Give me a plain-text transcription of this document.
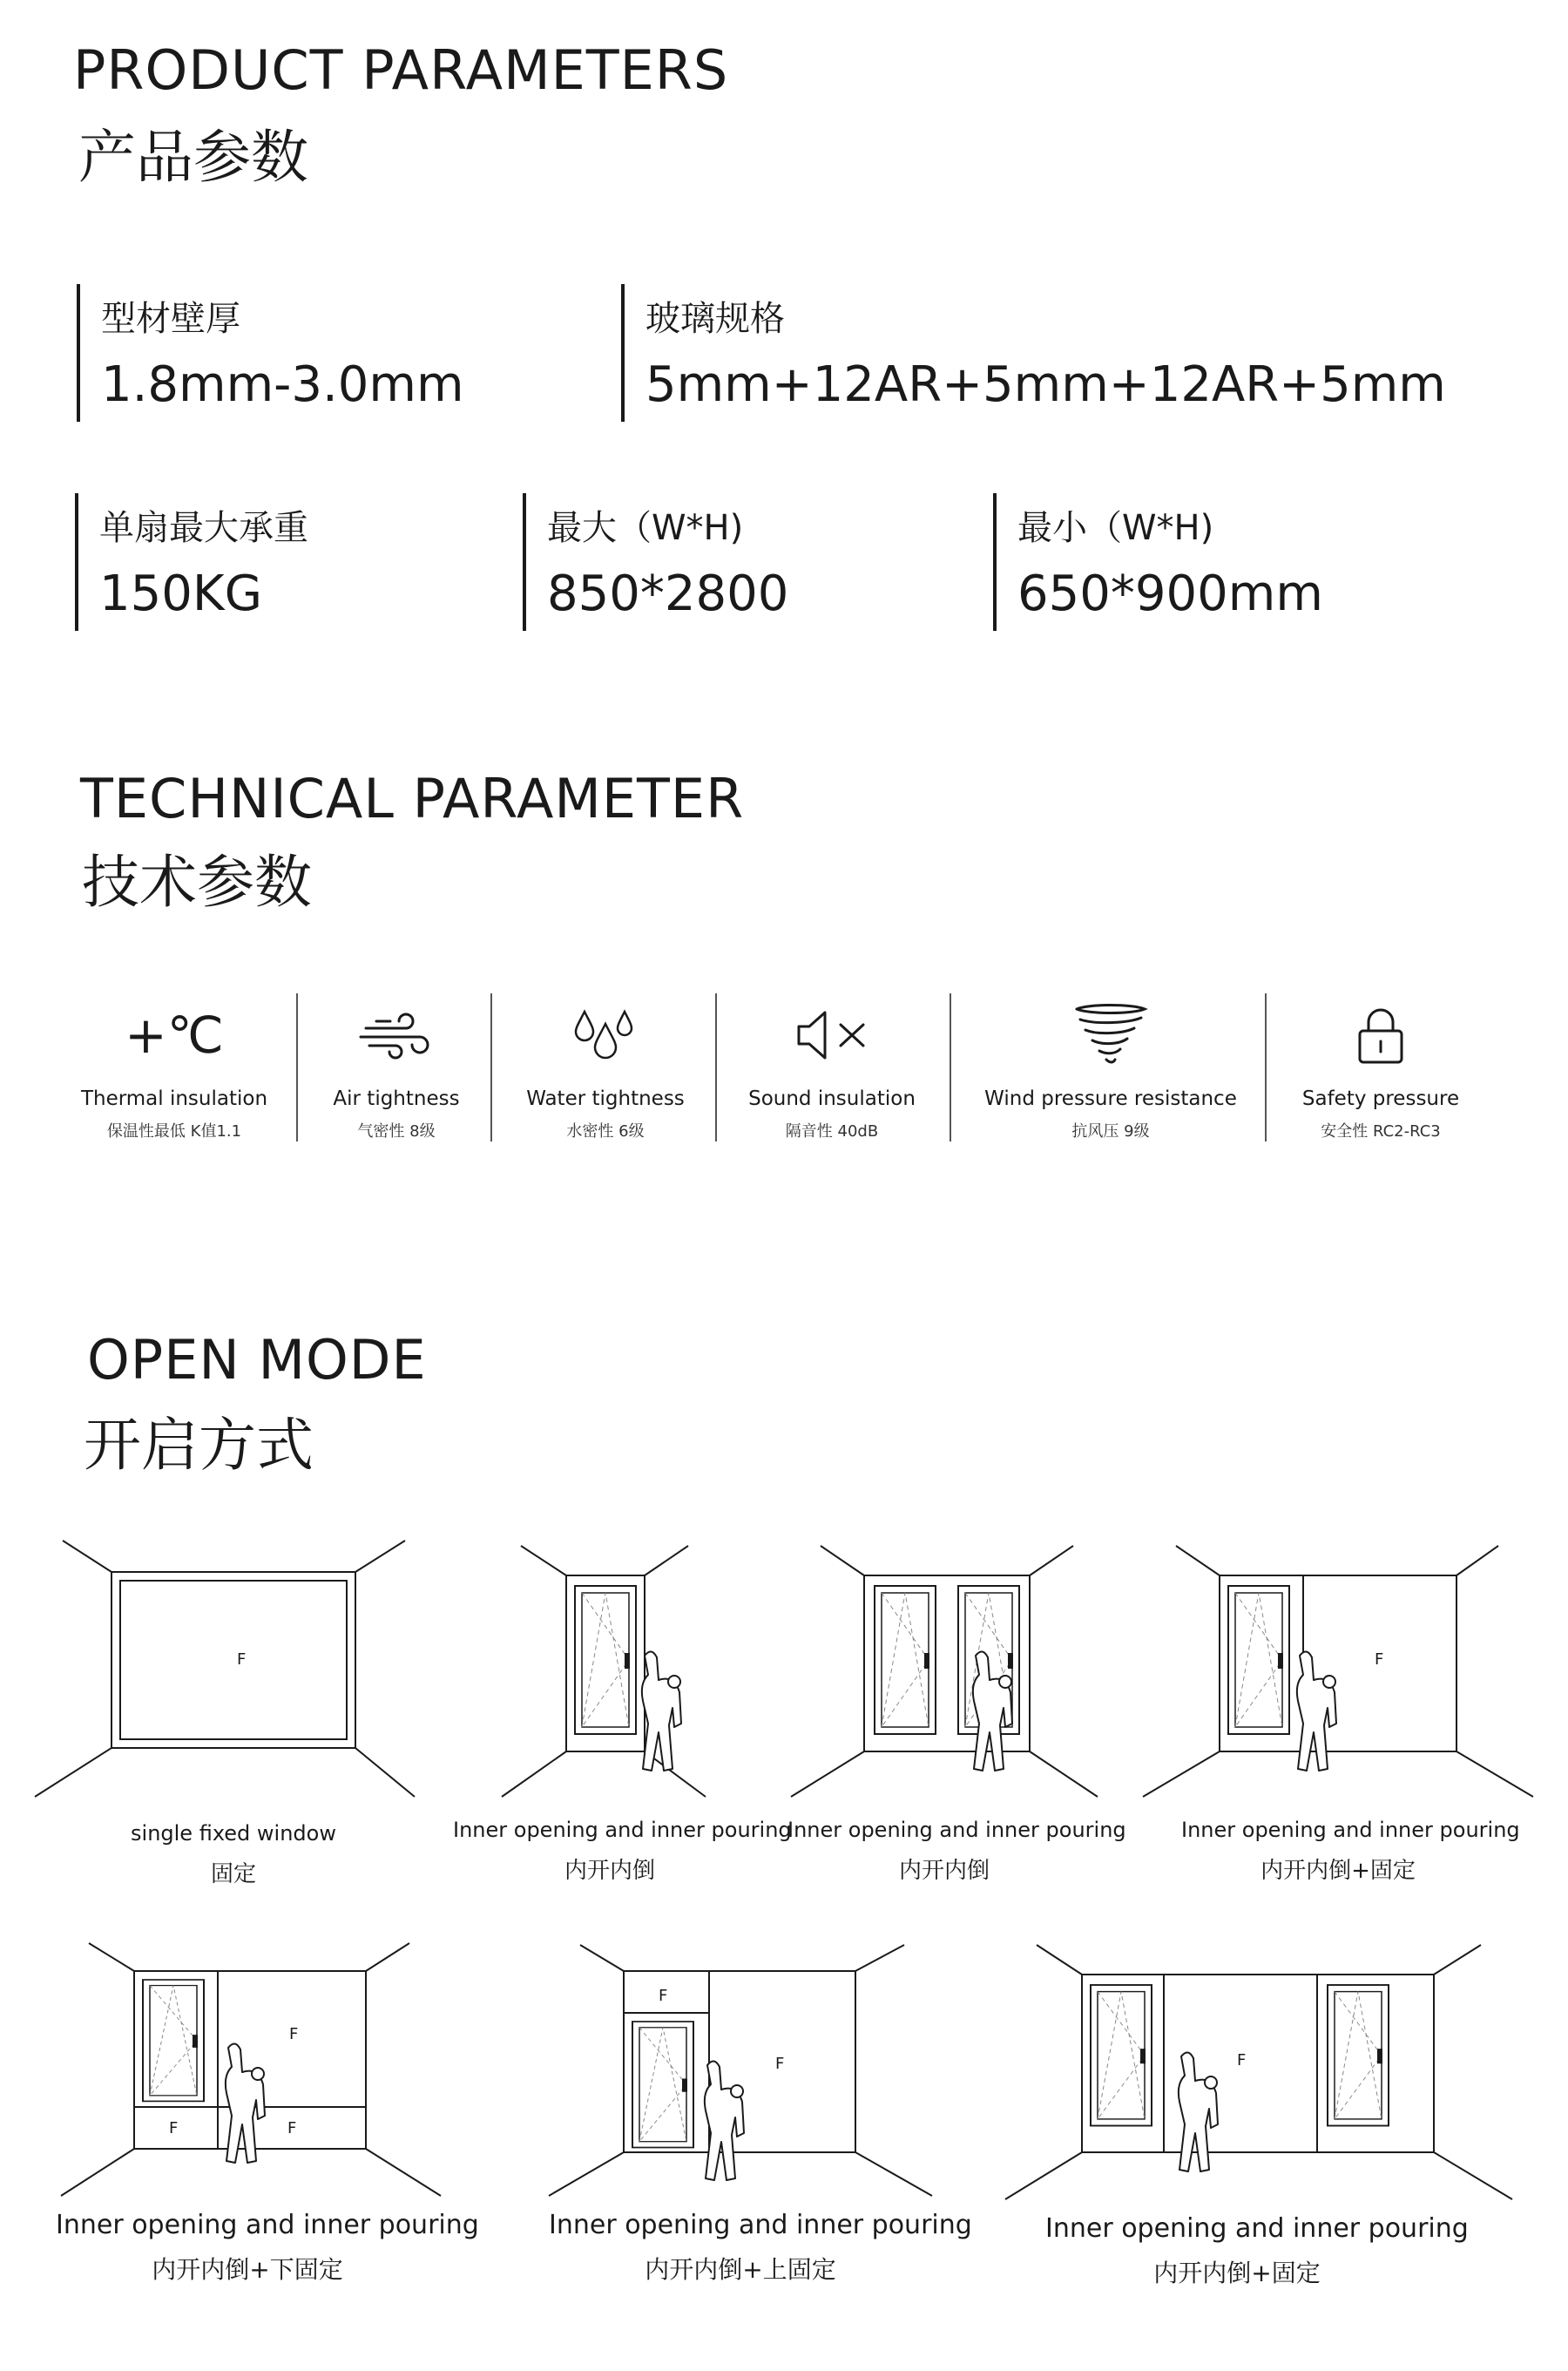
PRODUCT PARAMETERS
产品参数
型材壁厚
1.8mm-3.0mm
玻璃规格
5mm+12AR+5mm+12AR+5mm
单扇最大承重
150KG
最大（W*H)
850*2800
最小（W*H)
650*900mm
TECHNICAL PARAMETER
技术参数
+℃
Thermal insulation
保温性最低 K值1.1
Air tightness
气密性 8级
Water tightness
水密性 6级
Sound insulation
隔音性 40dB
Wind pressure resistance
抗风压 9级
Safety pressure
安全性 RC2-RC3
OPEN MODE
开启方式
F	F
F
F	F
F
F	F
single fixed window
固定
Inner opening and inner pouring
内开内倒
Inner opening and inner pouring
内开内倒
Inner opening and inner pouring
内开内倒+固定
Inner opening and inner pouring
内开内倒+下固定
Inner opening and inner pouring
内开内倒+上固定
Inner opening and inner pouring
内开内倒+固定
